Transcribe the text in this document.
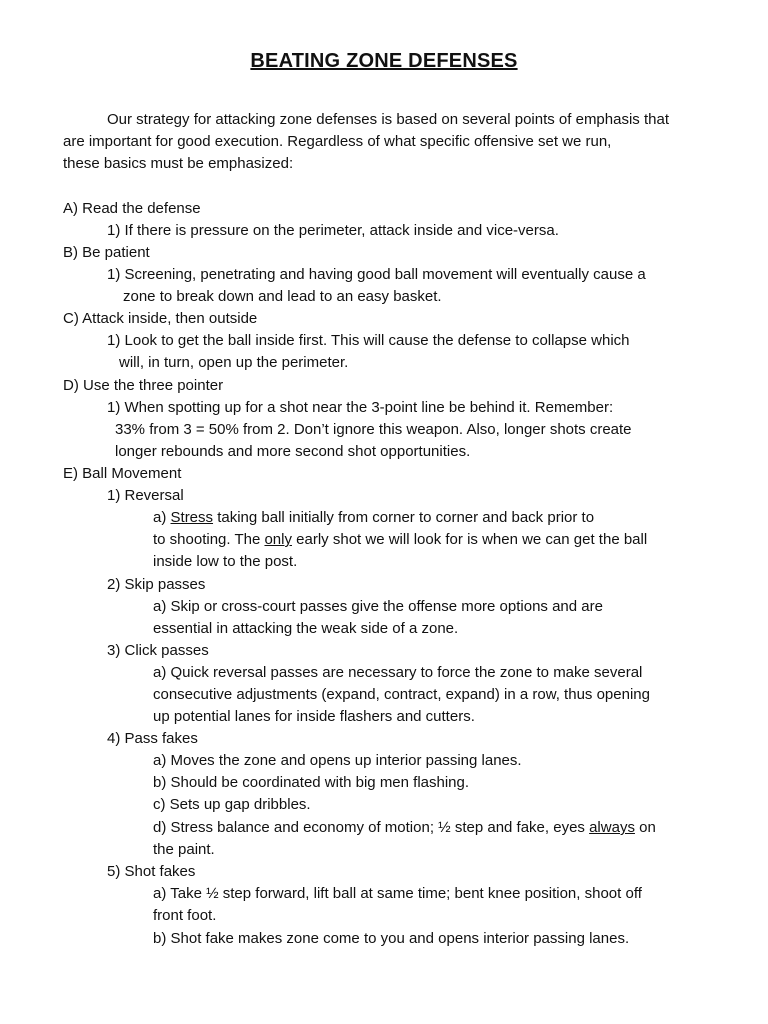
BEATING ZONE DEFENSES
Our strategy for attacking zone defenses is based on several points of emphasis that
are important for good execution. Regardless of what specific offensive set we run,
these basics must be emphasized:
A) Read the defense
1) If there is pressure on the perimeter, attack inside and vice-versa.
B) Be patient
1) Screening, penetrating and having good ball movement will eventually cause a
zone to break down and lead to an easy basket.
C) Attack inside, then outside
1) Look to get the ball inside first. This will cause the defense to collapse which
will, in turn, open up the perimeter.
D) Use the three pointer
1) When spotting up for a shot near the 3-point line be behind it. Remember:
33% from 3 = 50% from 2. Don’t ignore this weapon. Also, longer shots create
longer rebounds and more second shot opportunities.
E) Ball Movement
1) Reversal
a) Stress taking ball initially from corner to corner and back prior to
to shooting. The only early shot we will look for is when we can get the ball
inside low to the post.
2) Skip passes
a) Skip or cross-court passes give the offense more options and are
essential in attacking the weak side of a zone.
3) Click passes
a) Quick reversal passes are necessary to force the zone to make several
consecutive adjustments (expand, contract, expand) in a row, thus opening
up potential lanes for inside flashers and cutters.
4) Pass fakes
a) Moves the zone and opens up interior passing lanes.
b) Should be coordinated with big men flashing.
c) Sets up gap dribbles.
d) Stress balance and economy of motion; ½ step and fake, eyes always on
the paint.
5) Shot fakes
a) Take ½ step forward, lift ball at same time; bent knee position, shoot off
front foot.
b) Shot fake makes zone come to you and opens interior passing lanes.
